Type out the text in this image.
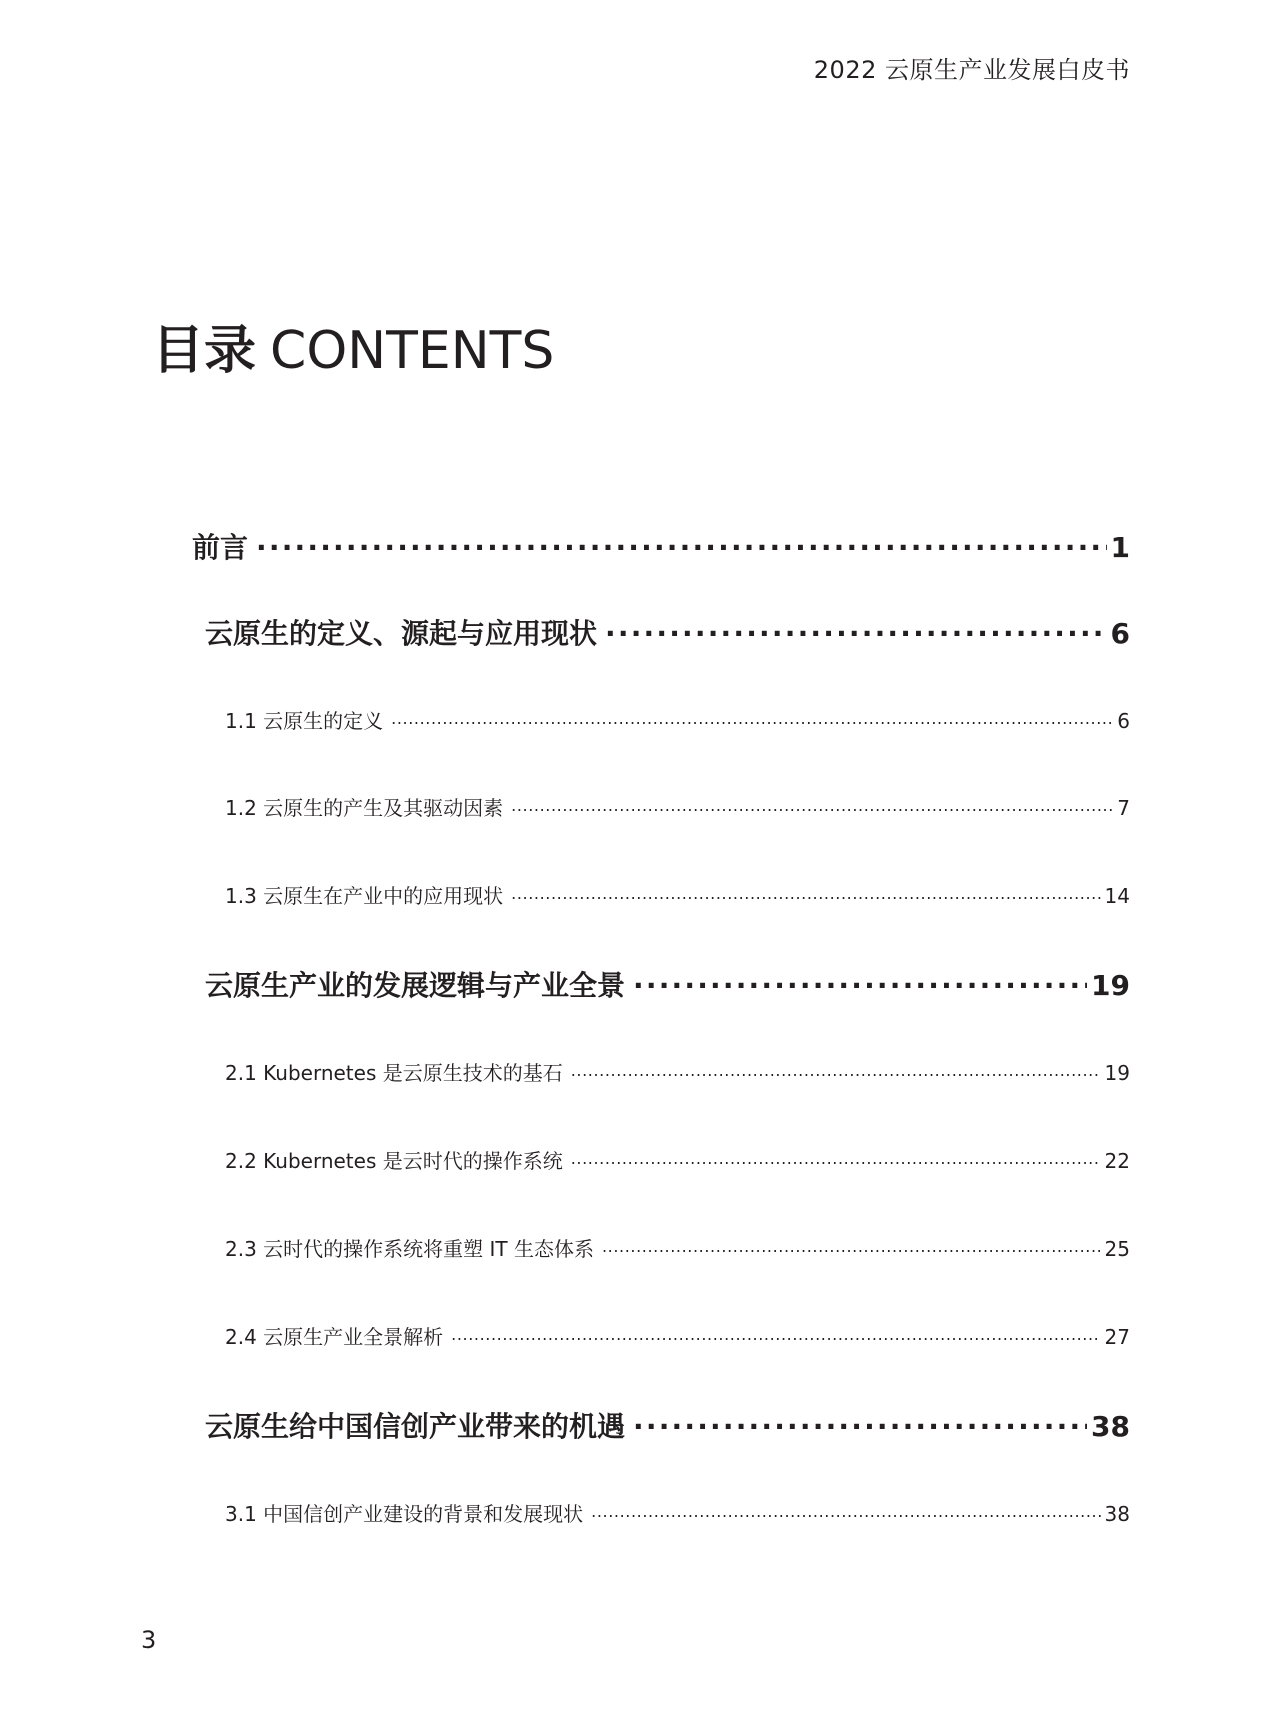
2022 云原生产业发展白皮书
目录 CONTENTS
前言 .....	1
云原生的定义、源起与应用现状 .....	6
1.1 云原生的定义 .....	6
1.2 云原生的产生及其驱动因素 .....	7
1.3 云原生在产业中的应用现状 .....	14
云原生产业的发展逻辑与产业全景 .....	19
2.1 Kubernetes 是云原生技术的基石 .....	19
2.2 Kubernetes 是云时代的操作系统 .....	22
2.3 云时代的操作系统将重塑 IT 生态体系 .....	25
2.4 云原生产业全景解析 .....	27
云原生给中国信创产业带来的机遇 .....	38
3.1 中国信创产业建设的背景和发展现状 .....	38
3
